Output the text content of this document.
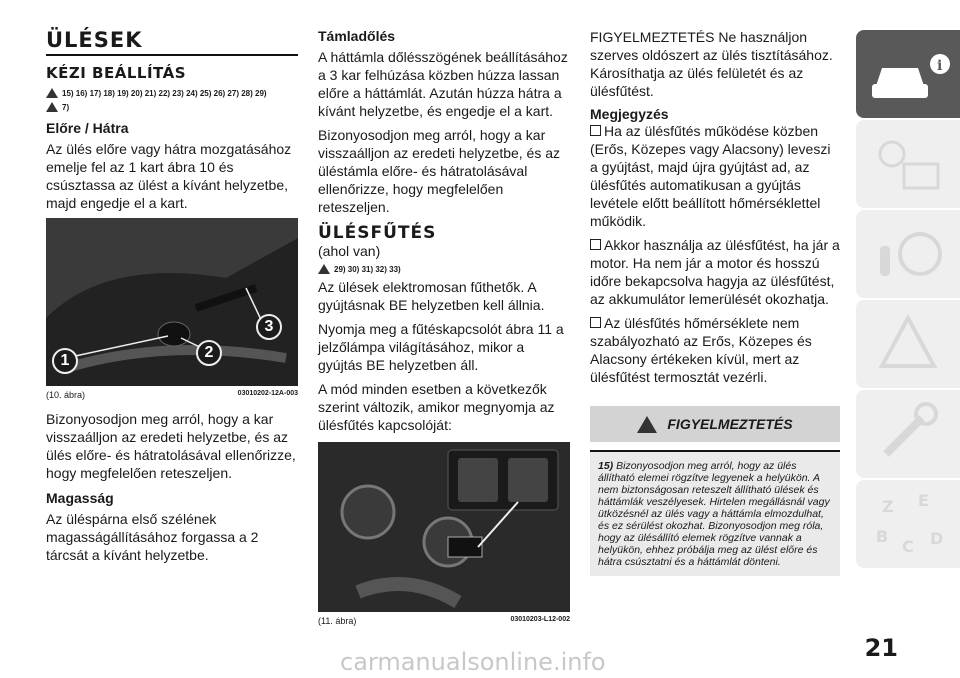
ÜLÉSEK
KÉZI BEÁLLÍTÁS
15) 16) 17) 18) 19) 20) 21) 22) 23) 24) 25) 26) 27) 28) 29)
7)
Előre / Hátra

Az ülés előre vagy hátra mozgatásához emelje fel az 1 kart ábra 10 és csúsztassa az ülést a kívánt helyzetbe, majd engedje el a kart.

1	2
3
(10. ábra)	03010202-12A-003

Bizonyosodjon meg arról, hogy a kar visszaálljon az eredeti helyzetbe, és az ülés előre- és hátratolásával ellenőrizze, hogy megfelelően reteszeljen.

Magasság

Az üléspárna első szélének magasságállításához forgassa a 2 tárcsát a kívánt helyzetbe.

Támladőlés

A háttámla dőlésszögének beállításához a 3 kar felhúzása közben húzza lassan előre a háttámlát. Azután húzza hátra a kívánt helyzetbe, és engedje el a kart.

Bizonyosodjon meg arról, hogy a kar visszaálljon az eredeti helyzetbe, és az üléstámla előre- és hátratolásával ellenőrizze, hogy megfelelően reteszeljen.

ÜLÉSFŰTÉS

(ahol van)

29) 30) 31) 32) 33)

Az ülések elektromosan fűthetők. A gyújtásnak BE helyzetben kell állnia.

Nyomja meg a fűtéskapcsolót ábra 11 a jelzőlámpa világításához, mikor a gyújtás BE helyzetben áll.

A mód minden esetben a következők szerint változik, amikor megnyomja az ülésfűtés kapcsolóját:

(11. ábra)	03010203-L12-002

FIGYELMEZTETÉS Ne használjon szerves oldószert az ülés tisztításához. Károsíthatja az ülés felületét és az ülésfűtést.

Megjegyzés

Ha az ülésfűtés működése közben (Erős, Közepes vagy Alacsony) leveszi a gyújtást, majd újra gyújtást ad, az ülésfűtés automatikusan a gyújtás levétele előtt beállított hőmérséklettel működik.

Akkor használja az ülésfűtést, ha jár a motor. Ha nem jár a motor és hosszú időre bekapcsolva hagyja az ülésfűtést, az akkumulátor lemerülését okozhatja.

Az ülésfűtés hőmérséklete nem szabályozható az Erős, Közepes és Alacsony értékeken kívül, mert az ülésfűtést termosztát vezérli.

FIGYELMEZTETÉS
15) Bizonyosodjon meg arról, hogy az ülés állítható elemei rögzítve legyenek a helyükön. A nem biztonságosan reteszelt állítható ülések és háttámlák veszélyesek. Hirtelen megállásnál vagy ütközésnél az ülés vagy a háttámla elmozdulhat, és ez sérülést okozhat. Bizonyosodjon meg róla, hogy az ülésállító elemek rögzítve vannak a helyükön, ehhez próbálja meg az ülést előre és hátra csúsztatni és a háttámlát dönteni.
i
Z E
B
C D
21
carmanualsonline.info
